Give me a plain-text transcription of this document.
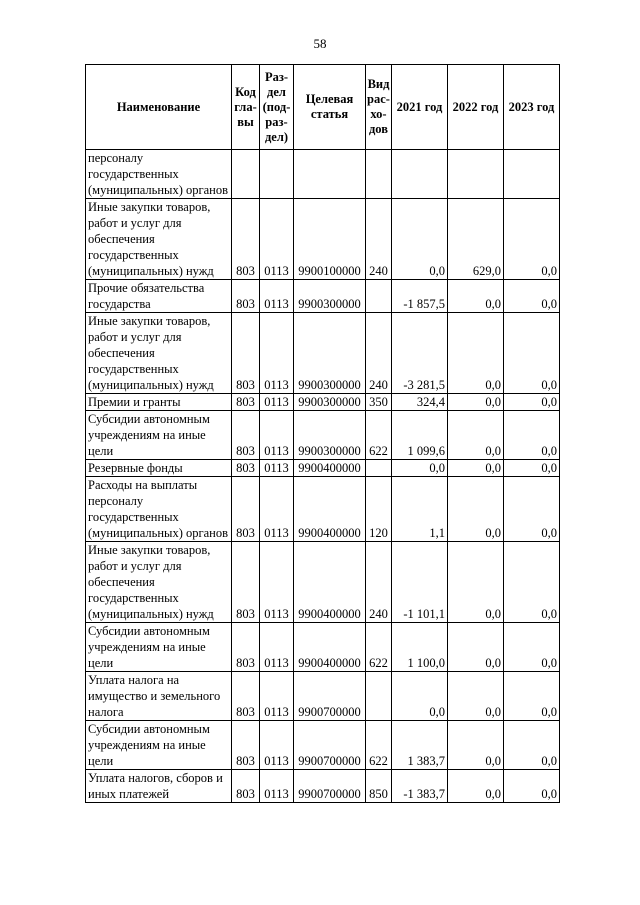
58
Наименование	Код гла- вы	Раз- дел (под- раз- дел)	Целевая статья	Вид рас- хо- дов	2021 год	2022 год	2023 год
персоналу государственных (муниципальных) органов							
Иные закупки товаров, работ и услуг для обеспечения государственных (муниципальных) нужд	803	0113	9900100000	240	0,0	629,0	0,0
Прочие обязательства государства	803	0113	9900300000		-1 857,5	0,0	0,0
Иные закупки товаров, работ и услуг для обеспечения государственных (муниципальных) нужд	803	0113	9900300000	240	-3 281,5	0,0	0,0
Премии и гранты	803	0113	9900300000	350	324,4	0,0	0,0
Субсидии автономным учреждениям на иные цели	803	0113	9900300000	622	1 099,6	0,0	0,0
Резервные фонды	803	0113	9900400000		0,0	0,0	0,0
Расходы на выплаты персоналу государственных (муниципальных) органов	803	0113	9900400000	120	1,1	0,0	0,0
Иные закупки товаров, работ и услуг для обеспечения государственных (муниципальных) нужд	803	0113	9900400000	240	-1 101,1	0,0	0,0
Субсидии автономным учреждениям на иные цели	803	0113	9900400000	622	1 100,0	0,0	0,0
Уплата налога на имущество и земельного налога	803	0113	9900700000		0,0	0,0	0,0
Субсидии автономным учреждениям на иные цели	803	0113	9900700000	622	1 383,7	0,0	0,0
Уплата налогов, сборов и иных платежей	803	0113	9900700000	850	-1 383,7	0,0	0,0
